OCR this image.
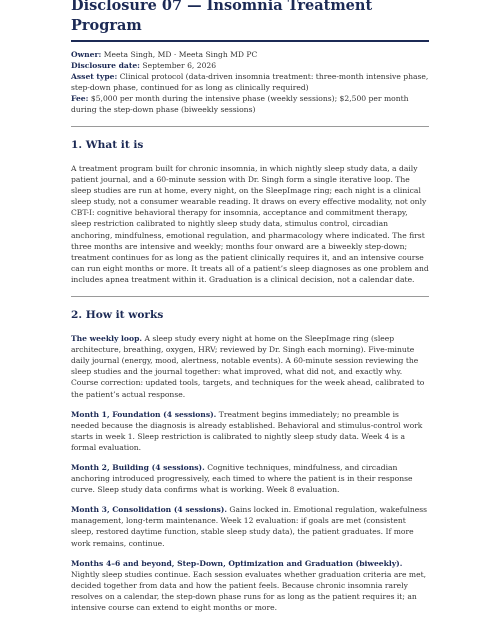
Disclosure 07 — Insomnia Treatment Program

Owner: Meeta Singh, MD · Meeta Singh MD PC

Disclosure date: September 6, 2026

Asset type: Clinical protocol (data-driven insomnia treatment: three-month intensive phase, step-down phase, continued for as long as clinically required)

Fee: $5,000 per month during the intensive phase (weekly sessions); $2,500 per month during the step-down phase (biweekly sessions)

1. What it is

A treatment program built for chronic insomnia, in which nightly sleep study data, a daily patient journal, and a 60-minute session with Dr. Singh form a single iterative loop. The sleep studies are run at home, every night, on the SleepImage ring; each night is a clinical sleep study, not a consumer wearable reading. It draws on every effective modality, not only CBT-I: cognitive behavioral therapy for insomnia, acceptance and commitment therapy, sleep restriction calibrated to nightly sleep study data, stimulus control, circadian anchoring, mindfulness, emotional regulation, and pharmacology where indicated. The first three months are intensive and weekly; months four onward are a biweekly step-down; treatment continues for as long as the patient clinically requires it, and an intensive course can run eight months or more. It treats all of a patient’s sleep diagnoses as one problem and includes apnea treatment within it. Graduation is a clinical decision, not a calendar date.

2. How it works

The weekly loop. A sleep study every night at home on the SleepImage ring (sleep architecture, breathing, oxygen, HRV; reviewed by Dr. Singh each morning). Five-minute daily journal (energy, mood, alertness, notable events). A 60-minute session reviewing the sleep studies and the journal together: what improved, what did not, and exactly why. Course correction: updated tools, targets, and techniques for the week ahead, calibrated to the patient’s actual response.

Month 1, Foundation (4 sessions). Treatment begins immediately; no preamble is needed because the diagnosis is already established. Behavioral and stimulus-control work starts in week 1. Sleep restriction is calibrated to nightly sleep study data. Week 4 is a formal evaluation.

Month 2, Building (4 sessions). Cognitive techniques, mindfulness, and circadian anchoring introduced progressively, each timed to where the patient is in their response curve. Sleep study data confirms what is working. Week 8 evaluation.

Month 3, Consolidation (4 sessions). Gains locked in. Emotional regulation, wakefulness management, long-term maintenance. Week 12 evaluation: if goals are met (consistent sleep, restored daytime function, stable sleep study data), the patient graduates. If more work remains, continue.

Months 4–6 and beyond, Step-Down, Optimization and Graduation (biweekly). Nightly sleep studies continue. Each session evaluates whether graduation criteria are met, decided together from data and how the patient feels. Because chronic insomnia rarely resolves on a calendar, the step-down phase runs for as long as the patient requires it; an intensive course can extend to eight months or more.
